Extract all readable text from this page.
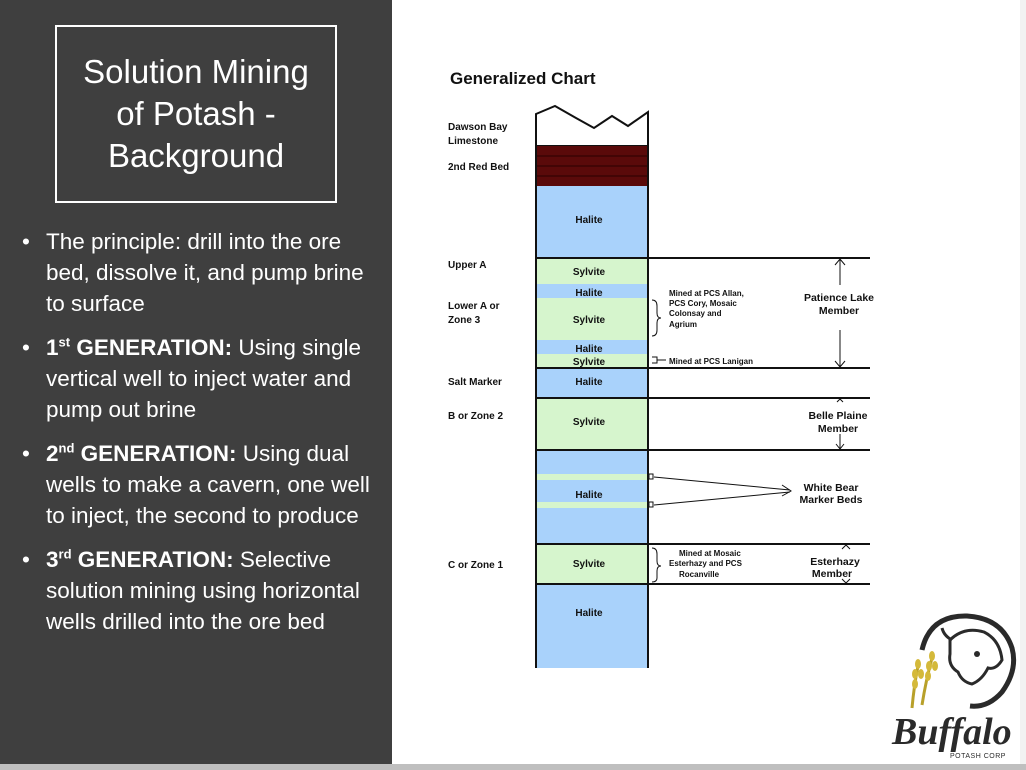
Solution Mining
of Potash -
Background
• The principle: drill into the ore bed, dissolve it, and pump brine to surface
• 1st GENERATION: Using single vertical well to inject water and pump out brine
• 2nd GENERATION: Using dual wells to make a cavern, one well to inject, the second to produce
• 3rd GENERATION: Selective solution mining using horizontal wells drilled into the ore bed
Generalized Chart
Dawson Bay
Limestone
2nd Red Bed
Upper A
Lower A or
Zone 3
Salt Marker
B or Zone 2
C or Zone 1
Halite
Sylvite
Halite
Sylvite
Halite
Sylvite
Halite
Sylvite
Halite
Sylvite
Halite
Mined at PCS Allan,
PCS Cory, Mosaic
Colonsay and
Agrium
Mined at PCS Lanigan
Mined at Mosaic
Esterhazy and PCS
Rocanville
Patience Lake
Member
Belle Plaine
Member
White Bear
Marker Beds
Esterhazy
Member
Buffalo
POTASH CORP
